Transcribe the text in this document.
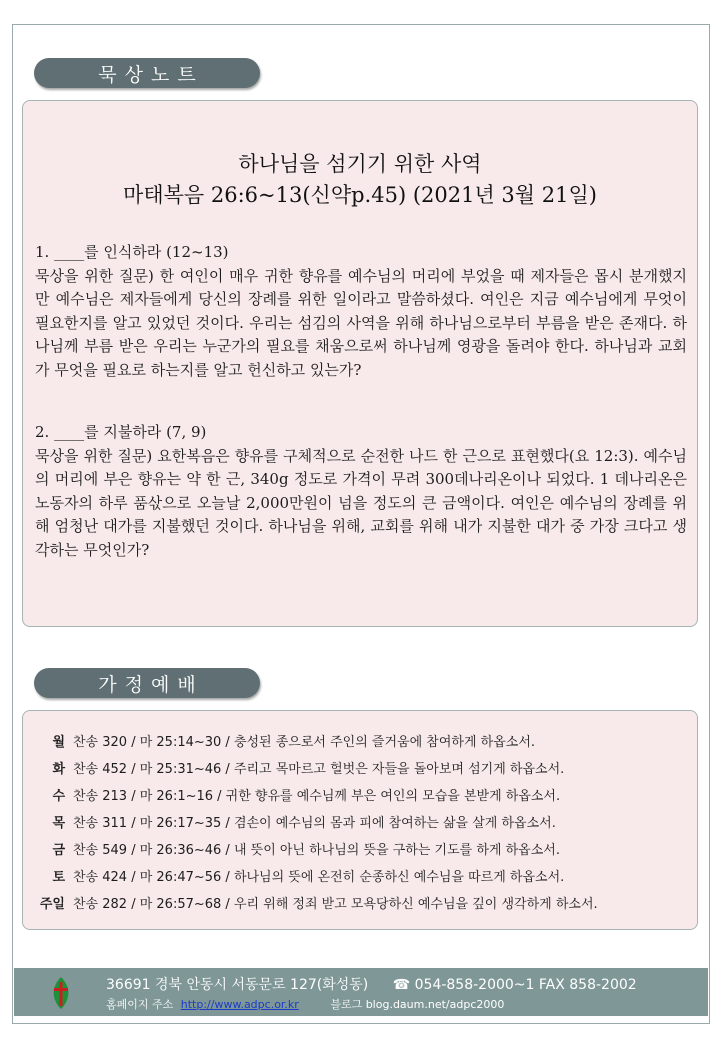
묵상노트
하나님을 섬기기 위한 사역
마태복음 26:6~13(신약p.45) (2021년 3월 21일)
1. ____를 인식하라 (12~13)
묵상을 위한 질문) 한 여인이 매우 귀한 향유를 예수님의 머리에 부었을 때 제자들은 몹시 분개했지만 예수님은 제자들에게 당신의 장례를 위한 일이라고 말씀하셨다. 여인은 지금 예수님에게 무엇이 필요한지를 알고 있었던 것이다. 우리는 섬김의 사역을 위해 하나님으로부터 부름을 받은 존재다. 하나님께 부름 받은 우리는 누군가의 필요를 채움으로써 하나님께 영광을 돌려야 한다. 하나님과 교회가 무엇을 필요로 하는지를 알고 헌신하고 있는가?
2. ____를 지불하라 (7, 9)
묵상을 위한 질문) 요한복음은 향유를 구체적으로 순전한 나드 한 근으로 표현했다(요 12:3). 예수님의 머리에 부은 향유는 약 한 근, 340g 정도로 가격이 무려 300데나리온이나 되었다. 1 데나리온은 노동자의 하루 품삯으로 오늘날 2,000만원이 넘을 정도의 큰 금액이다. 여인은 예수님의 장례를 위해 엄청난 대가를 지불했던 것이다. 하나님을 위해, 교회를 위해 내가 지불한 대가 중 가장 크다고 생각하는 무엇인가?
가정예배
월 찬송 320 / 마 25:14~30 / 충성된 종으로서 주인의 즐거움에 참여하게 하옵소서.
화 찬송 452 / 마 25:31~46 / 주리고 목마르고 헐벗은 자들을 돌아보며 섬기게 하옵소서.
수 찬송 213 / 마 26:1~16 / 귀한 향유를 예수님께 부은 여인의 모습을 본받게 하옵소서.
목 찬송 311 / 마 26:17~35 / 겸손이 예수님의 몸과 피에 참여하는 삶을 살게 하옵소서.
금 찬송 549 / 마 26:36~46 / 내 뜻이 아닌 하나님의 뜻을 구하는 기도를 하게 하옵소서.
토 찬송 424 / 마 26:47~56 / 하나님의 뜻에 온전히 순종하신 예수님을 따르게 하옵소서.
주일 찬송 282 / 마 26:57~68 / 우리 위해 정죄 받고 모욕당하신 예수님을 깊이 생각하게 하소서.
36691 경북 안동시 서동문로 127(화성동) ☎ 054-858-2000~1 FAX 858-2002
홈페이지 주소 http://www.adpc.or.kr	블로그 blog.daum.net/adpc2000
